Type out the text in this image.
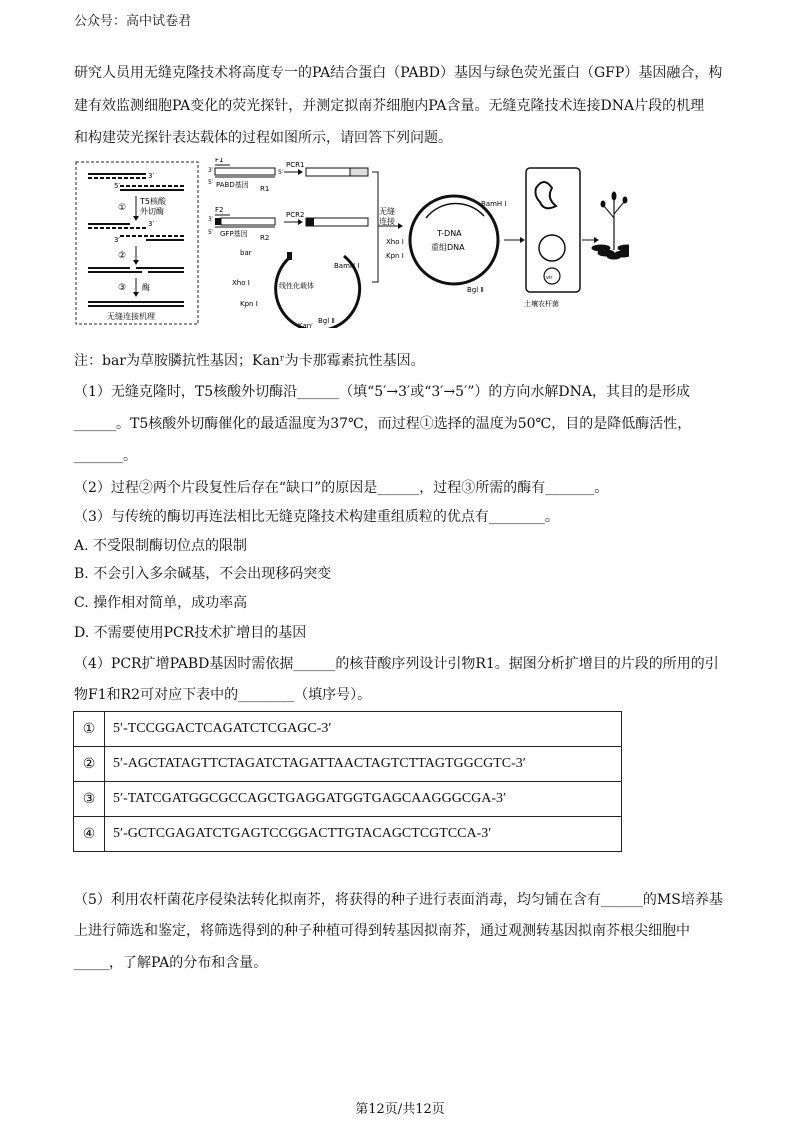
公众号：高中试卷君
研究人员用无缝克隆技术将高度专一的PA结合蛋白（PABD）基因与绿色荧光蛋白（GFP）基因融合，构
建有效监测细胞PA变化的荧光探针，并测定拟南芥细胞内PA含量。无缝克隆技术连接DNA片段的机理
和构建荧光探针表达载体的过程如图所示，请回答下列问题。
3′
5′
①
T5核酸
外切酶
3′
3′
②
③ 酶
无缝连接机理
F1
3′	5′
5′ PABD基因 R1
PCR1
F2
3′
5′ GFP基因 R2
PCR2
bar
BamH Ⅰ
Xho Ⅰ	线性化载体
Kpn Ⅰ
Bgl Ⅱ
Kanʳ
无缝
连接
T-DNA
重组DNA
BamH Ⅰ
Xho Ⅰ
Kpn Ⅰ
Bgl Ⅱ
vir
土壤农杆菌
注：bar为草胺膦抗性基因；Kanʳ为卡那霉素抗性基因。
（1）无缝克隆时，T5核酸外切酶沿______（填“5′→3′或“3′→5′”）的方向水解DNA，其目的是形成
______。T5核酸外切酶催化的最适温度为37℃，而过程①选择的温度为50℃，目的是降低酶活性，
_______。
（2）过程②两个片段复性后存在“缺口”的原因是______，过程③所需的酶有_______。
（3）与传统的酶切再连法相比无缝克隆技术构建重组质粒的优点有________。
A. 不受限制酶切位点的限制
B. 不会引入多余碱基，不会出现移码突变
C. 操作相对简单，成功率高
D. 不需要使用PCR技术扩增目的基因
（4）PCR扩增PABD基因时需依据______的核苷酸序列设计引物R1。据图分析扩增目的片段的所用的引
物F1和R2可对应下表中的________（填序号）。
①	5′-TCCGGACTCAGATCTCGAGC-3′
②	5′-AGCTATAGTTCTAGATCTAGATTAACTAGTCTTAGTGGCGTC-3′
③	5′-TATCGATGGCGCCAGCTGAGGATGGTGAGCAAGGGCGA-3′
④	5′-GCTCGAGATCTGAGTCCGGACTTGTACAGCTCGTCCA-3′
（5）利用农杆菌花序侵染法转化拟南芥，将获得的种子进行表面消毒，均匀铺在含有______的MS培养基
上进行筛选和鉴定，将筛选得到的种子种植可得到转基因拟南芥，通过观测转基因拟南芥根尖细胞中
_____，了解PA的分布和含量。
第12页/共12页
